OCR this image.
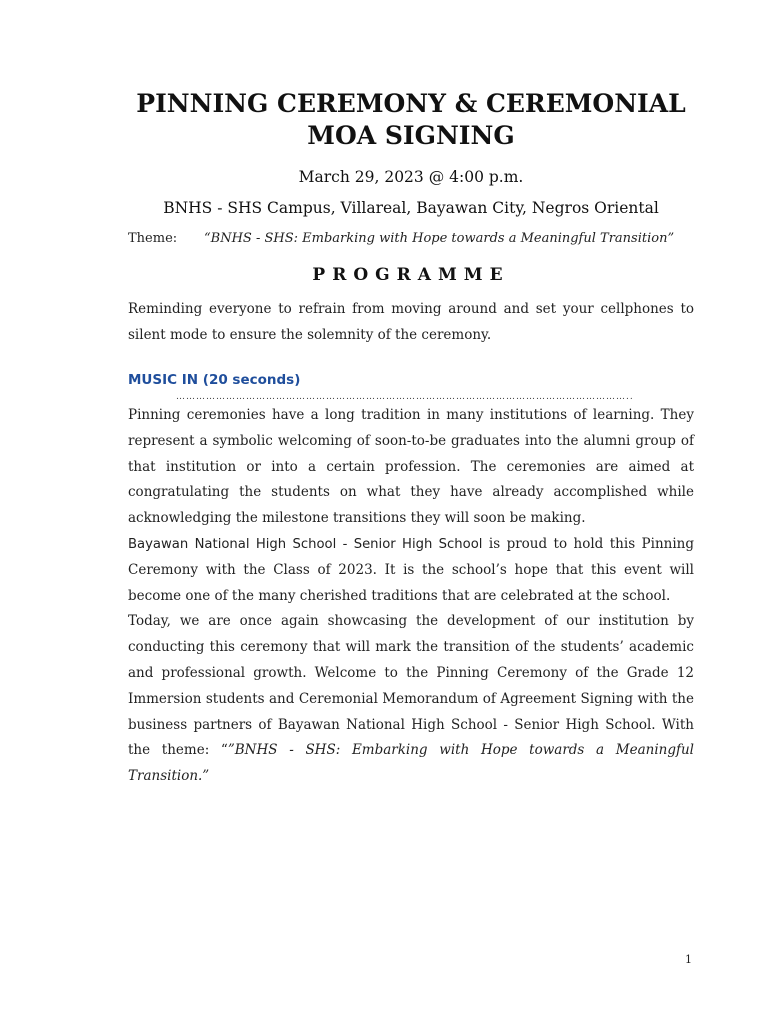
PINNING CEREMONY & CEREMONIAL MOA SIGNING
March 29, 2023 @ 4:00 p.m.
BNHS - SHS Campus, Villareal, Bayawan City, Negros Oriental
Theme:	“BNHS - SHS: Embarking with Hope towards a Meaningful Transition”
PROGRAMME

Reminding everyone to refrain from moving around and set your cellphones to silent mode to ensure the solemnity of the ceremony.

MUSIC IN (20 seconds)
………………………………………………………………………………………………………………………..

Pinning ceremonies have a long tradition in many institutions of learning. They represent a symbolic welcoming of soon-to-be graduates into the alumni group of that institution or into a certain profession. The ceremonies are aimed at congratulating the students on what they have already accomplished while acknowledging the milestone transitions they will soon be making.

Bayawan National High School - Senior High School is proud to hold this Pinning Ceremony with the Class of 2023. It is the school’s hope that this event will become one of the many cherished traditions that are celebrated at the school.

Today, we are once again showcasing the development of our institution by conducting this ceremony that will mark the transition of the students’ academic and professional growth. Welcome to the Pinning Ceremony of the Grade 12 Immersion students and Ceremonial Memorandum of Agreement Signing with the business partners of Bayawan National High School - Senior High School. With the theme: “”BNHS - SHS: Embarking with Hope towards a Meaningful Transition.”

1
